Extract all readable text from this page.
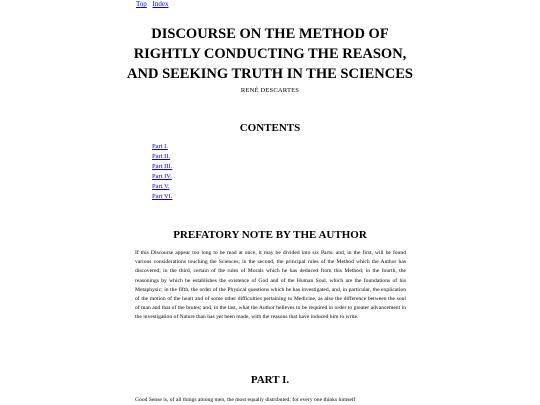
Top Index
DISCOURSE ON THE METHOD OF
RIGHTLY CONDUCTING THE REASON,
AND SEEKING TRUTH IN THE SCIENCES
RENÉ DESCARTES
CONTENTS
Part I.
Part II.
Part III.
Part IV.
Part V.
Part VI.
PREFATORY NOTE BY THE AUTHOR

If this Discourse appear too long to be read at once, it may be divided into six Parts: and, in the first, will be found various considerations touching the Sciences; in the second, the principal rules of the Method which the Author has discovered; in the third, certain of the rules of Morals which he has deduced from this Method; in the fourth, the reasonings by which he establishes the existence of God and of the Human Soul, which are the foundations of his Metaphysic; in the fifth, the order of the Physical questions which he has investigated, and, in particular, the explication of the motion of the heart and of some other difficulties pertaining to Medicine, as also the difference between the soul of man and that of the brutes; and, in the last, what the Author believes to be required in order to greater advancement in the investigation of Nature than has yet been made, with the reasons that have induced him to write.

PART I.

Good Sense is, of all things among men, the most equally distributed; for every one thinks himself
